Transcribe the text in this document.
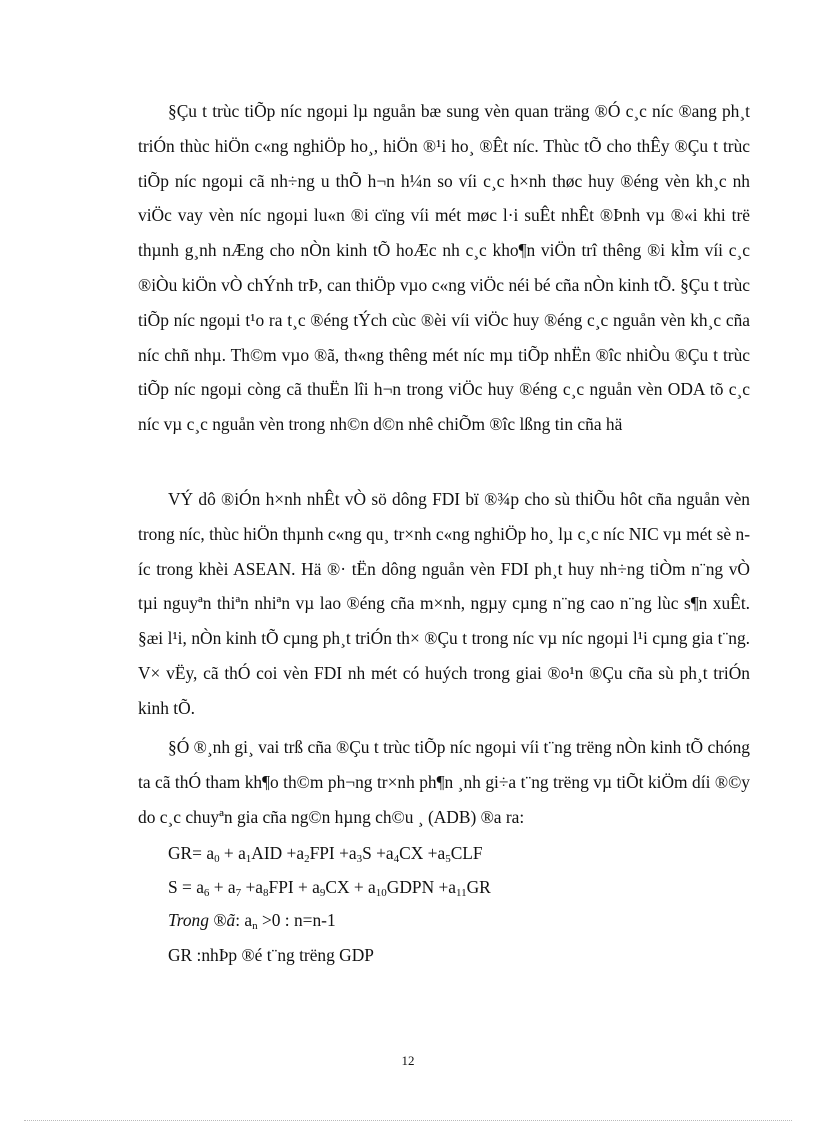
§Çu t trùc tiÕp níc ngoµi lµ nguån bæ sung vèn quan träng ®Ó c¸c níc ®ang ph¸t triÓn thùc hiÖn c«ng nghiÖp ho¸, hiÖn ®¹i ho¸ ®Êt níc. Thùc tÕ cho thÊy ®Çu t trùc tiÕp níc ngoµi cã nh÷ng u thÕ h¬n h¼n so víi c¸c h×nh thøc huy ®éng vèn kh¸c nh viÖc vay vèn níc ngoµi lu«n ®i cïng víi mét møc l·i suÊt nhÊt ®Þnh vµ ®«i khi trë thµnh g¸nh nÆng cho nÒn kinh tÕ hoÆc nh c¸c kho¶n viÖn trî thêng ®i kÌm víi c¸c ®iÒu kiÖn vÒ chÝnh trÞ, can thiÖp vµo c«ng viÖc néi bé cña nÒn kinh tÕ. §Çu t trùc tiÕp níc ngoµi t¹o ra t¸c ®éng tÝch cùc ®èi víi viÖc huy ®éng c¸c nguån vèn kh¸c cña níc chñ nhµ. Th©m vµo ®ã, th«ng thêng mét níc mµ tiÕp nhËn ®îc nhiÒu ®Çu t trùc tiÕp níc ngoµi còng cã thuËn lîi h¬n trong viÖc huy ®éng c¸c nguån vèn ODA tõ c¸c níc vµ c¸c nguån vèn trong nh©n d©n nhê chiÕm ®îc lßng tin cña hä

VÝ dô ®iÓn h×nh nhÊt vÒ sö dông FDI bï ®¾p cho sù thiÕu hôt cña nguån vèn trong níc, thùc hiÖn thµnh c«ng qu¸ tr×nh c«ng nghiÖp ho¸ lµ c¸c níc NIC vµ mét sè níc trong khèi ASEAN. Hä ®· tËn dông nguån vèn FDI ph¸t huy nh÷ng tiÒm n¨ng vÒ tµi nguyªn thiªn nhiªn vµ lao ®éng cña m×nh, ngµy cµng n¨ng cao n¨ng lùc s¶n xuÊt. §æi l¹i, nÒn kinh tÕ cµng ph¸t triÓn th× ®Çu t trong níc vµ níc ngoµi l¹i cµng gia t¨ng. V× vËy, cã thÓ coi vèn FDI nh mét có huých trong giai ®o¹n ®Çu cña sù ph¸t triÓn kinh tÕ.

§Ó ®¸nh gi¸ vai trß cña ®Çu t trùc tiÕp níc ngoµi víi t¨ng trëng nÒn kinh tÕ chóng ta cã thÓ tham kh¶o th©m ph¬ng tr×nh ph¶n ¸nh gi÷a t¨ng trëng vµ tiÕt kiÖm díi ®©y do c¸c chuyªn gia cña ng©n hµng ch©u ¸ (ADB) ®a ra:

$GR= a_0 + a_1AID +a_2FPI +a_3S +a_4CX +a_5CLF$
$S = a_6 + a_7 +a_8FPI + a_9CX$ + $a_{10}GDPN +a_{11}GR$
Trong ®ã: $a_n >0$ : n=n-1
GR :nhÞp ®é t¨ng trëng GDP
12
